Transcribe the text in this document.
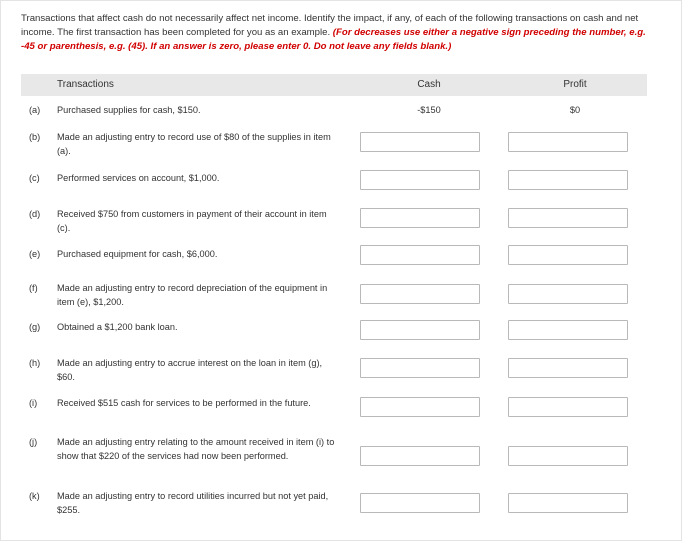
Transactions that affect cash do not necessarily affect net income. Identify the impact, if any, of each of the following transactions on cash and net income. The first transaction has been completed for you as an example. (For decreases use either a negative sign preceding the number, e.g. -45 or parenthesis, e.g. (45). If an answer is zero, please enter 0. Do not leave any fields blank.)
Transactions	Cash	Profit
(a) Purchased supplies for cash, $150.	-$150	$0
(b) Made an adjusting entry to record use of $80 of the supplies in item (a).
(c) Performed services on account, $1,000.
(d) Received $750 from customers in payment of their account in item (c).
(e) Purchased equipment for cash, $6,000.
(f) Made an adjusting entry to record depreciation of the equipment in item (e), $1,200.
(g) Obtained a $1,200 bank loan.
(h) Made an adjusting entry to accrue interest on the loan in item (g), $60.
(i) Received $515 cash for services to be performed in the future.
(j) Made an adjusting entry relating to the amount received in item (i) to show that $220 of the services had now been performed.
(k) Made an adjusting entry to record utilities incurred but not yet paid, $255.
